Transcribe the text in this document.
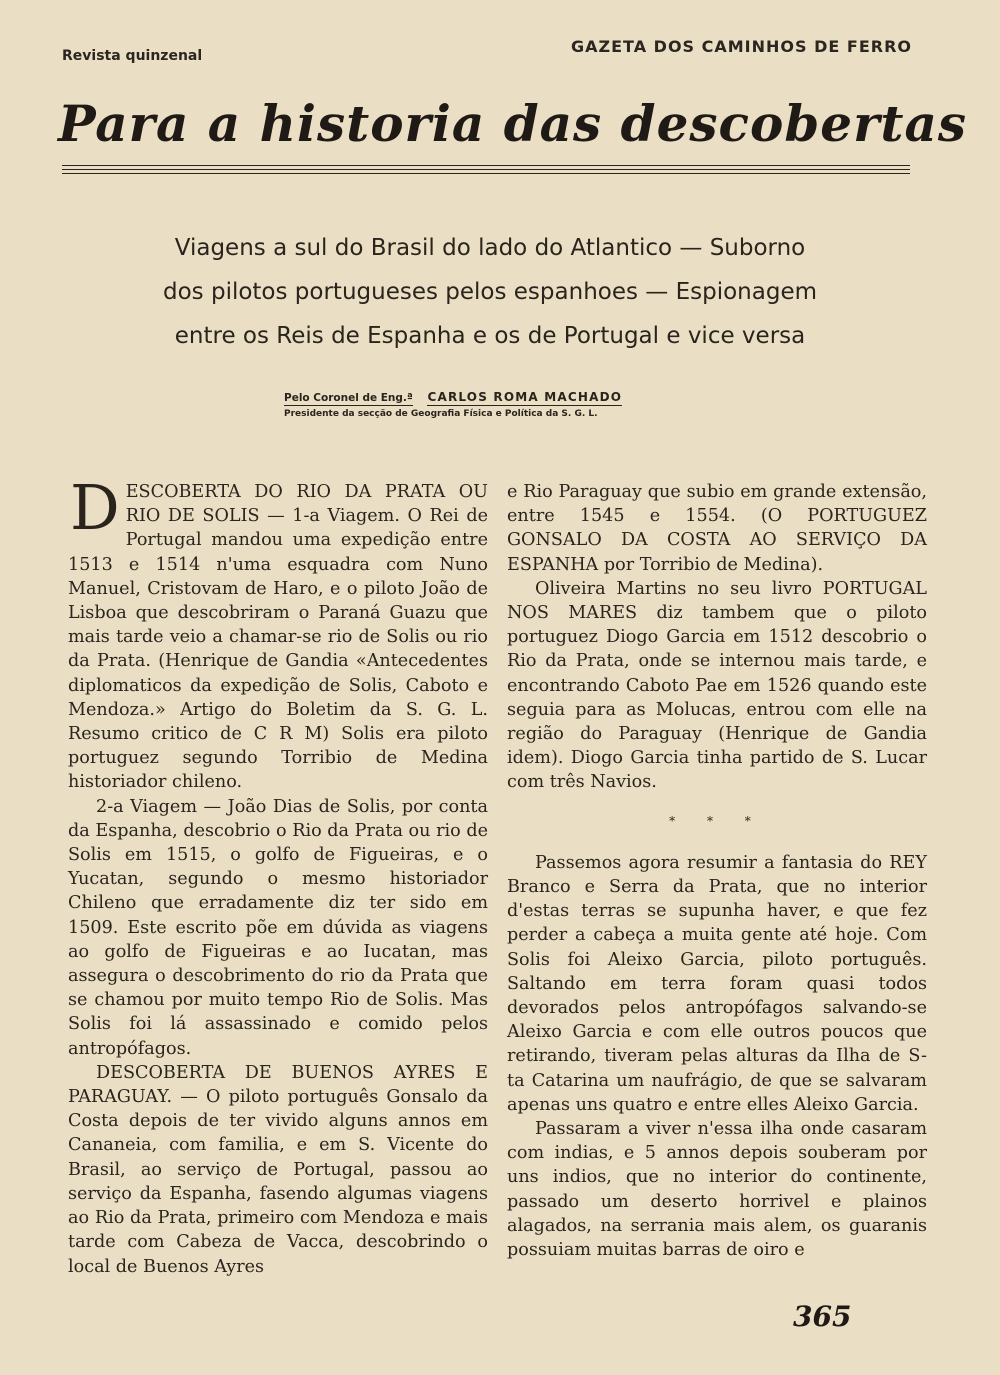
Revista quinzenal	GAZETA DOS CAMINHOS DE FERRO
Para a historia das descobertas
Viagens a sul do Brasil do lado do Atlantico — Suborno
dos pilotos portugueses pelos espanhoes — Espionagem
entre os Reis de Espanha e os de Portugal e vice versa
Pelo Coronel de Eng.ª CARLOS ROMA MACHADO
Presidente da secção de Geografia Física e Política da S. G. L.

DESCOBERTA DO RIO DA PRATA OU RIO DE SOLIS — 1-a Viagem. O Rei de Portugal mandou uma expedição entre 1513 e 1514 n'uma esquadra com Nuno Manuel, Cristovam de Haro, e o piloto João de Lisboa que descobriram o Paraná Guazu que mais tarde veio a chamar-se rio de Solis ou rio da Prata. (Henrique de Gandia «Antecedentes diplomaticos da expedição de Solis, Caboto e Mendoza.» Artigo do Boletim da S. G. L. Resumo critico de C R M) Solis era piloto portuguez segundo Torribio de Medina historiador chileno.

2-a Viagem — João Dias de Solis, por conta da Espanha, descobrio o Rio da Prata ou rio de Solis em 1515, o golfo de Figueiras, e o Yucatan, segundo o mesmo historiador Chileno que erradamente diz ter sido em 1509. Este escrito põe em dúvida as viagens ao golfo de Figueiras e ao Iucatan, mas assegura o descobrimento do rio da Prata que se chamou por muito tempo Rio de Solis. Mas Solis foi lá assassinado e comido pelos antropófagos.

DESCOBERTA DE BUENOS AYRES E PARAGUAY. — O piloto português Gonsalo da Costa depois de ter vivido alguns annos em Cananeia, com familia, e em S. Vicente do Brasil, ao serviço de Portugal, passou ao serviço da Espanha, fasendo algumas viagens ao Rio da Prata, primeiro com Mendoza e mais tarde com Cabeza de Vacca, descobrindo o local de Buenos Ayres

e Rio Paraguay que subio em grande extensão, entre 1545 e 1554. (O PORTUGUEZ GONSALO DA COSTA AO SERVIÇO DA ESPANHA por Torribio de Medina).

Oliveira Martins no seu livro PORTUGAL NOS MARES diz tambem que o piloto portuguez Diogo Garcia em 1512 descobrio o Rio da Prata, onde se internou mais tarde, e encontrando Caboto Pae em 1526 quando este seguia para as Molucas, entrou com elle na região do Paraguay (Henrique de Gandia idem). Diogo Garcia tinha partido de S. Lucar com três Navios.

* * *

Passemos agora resumir a fantasia do REY Branco e Serra da Prata, que no interior d'estas terras se supunha haver, e que fez perder a cabeça a muita gente até hoje. Com Solis foi Aleixo Garcia, piloto português. Saltando em terra foram quasi todos devorados pelos antropófagos salvando-se Aleixo Garcia e com elle outros poucos que retirando, tiveram pelas alturas da Ilha de S-ta Catarina um naufrágio, de que se salvaram apenas uns quatro e entre elles Aleixo Garcia.

Passaram a viver n'essa ilha onde casaram com indias, e 5 annos depois souberam por uns indios, que no interior do continente, passado um deserto horrivel e plainos alagados, na serrania mais alem, os guaranis possuiam muitas barras de oiro e

365
